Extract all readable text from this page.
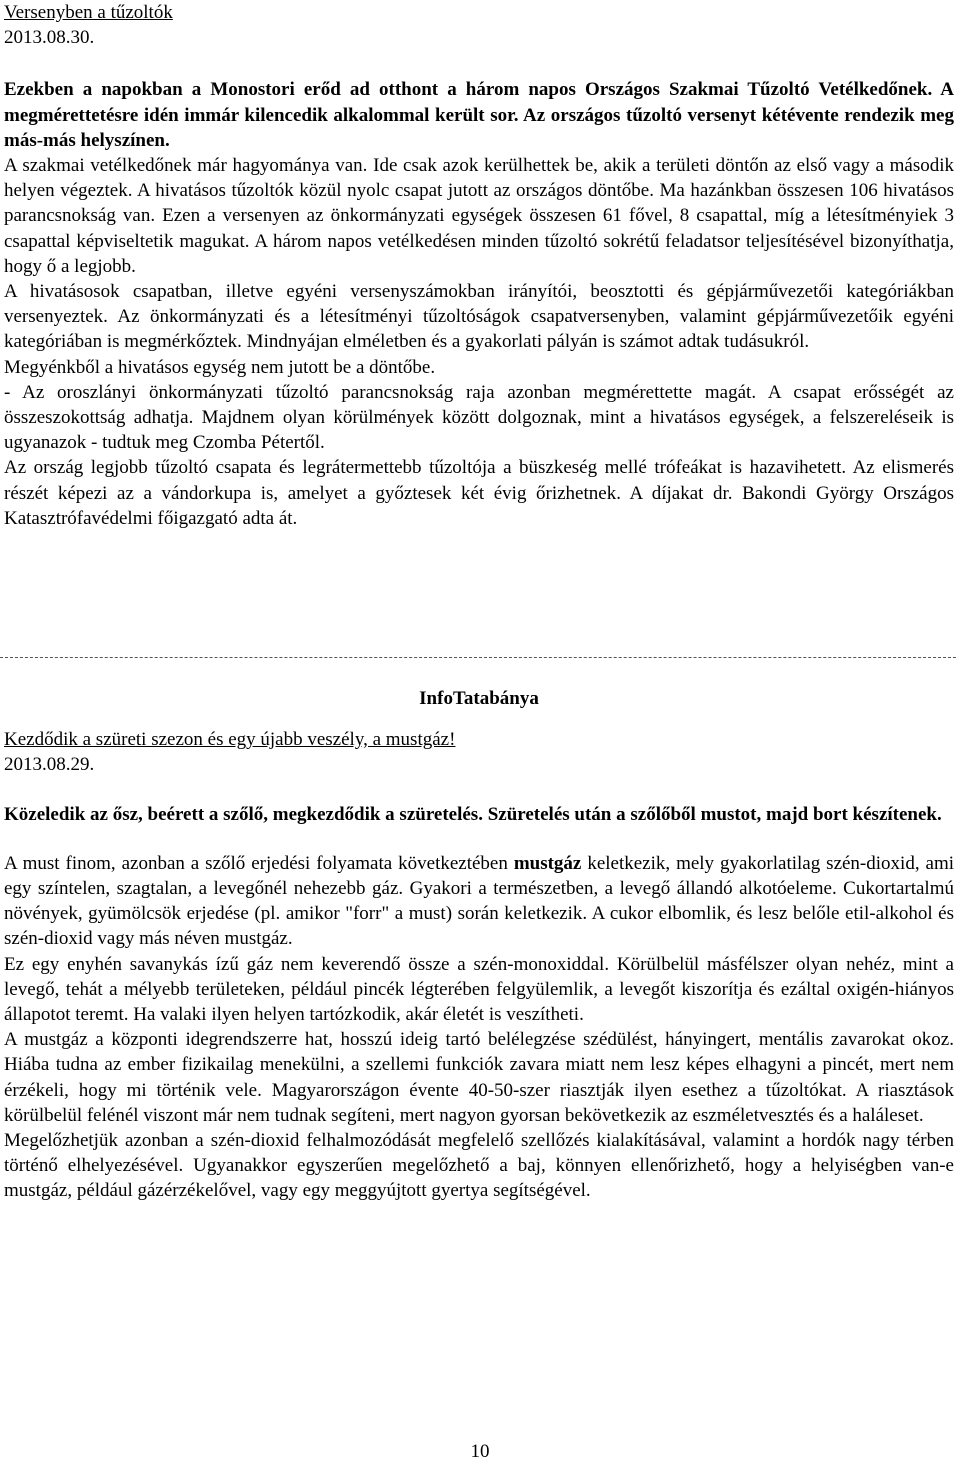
Versenyben a tűzoltók
2013.08.30.

Ezekben a napokban a Monostori erőd ad otthont a három napos Országos Szakmai Tűzoltó Vetélkedőnek. A megmérettetésre idén immár kilencedik alkalommal került sor. Az országos tűzoltó versenyt kétévente rendezik meg más-más helyszínen.

A szakmai vetélkedőnek már hagyománya van. Ide csak azok kerülhettek be, akik a területi döntőn az első vagy a második helyen végeztek. A hivatásos tűzoltók közül nyolc csapat jutott az országos döntőbe. Ma hazánkban összesen 106 hivatásos parancsnokság van. Ezen a versenyen az önkormányzati egységek összesen 61 fővel, 8 csapattal, míg a létesítményiek 3 csapattal képviseltetik magukat. A három napos vetélkedésen minden tűzoltó sokrétű feladatsor teljesítésével bizonyíthatja, hogy ő a legjobb.

A hivatásosok csapatban, illetve egyéni versenyszámokban irányítói, beosztotti és gépjárművezetői kategóriákban versenyeztek. Az önkormányzati és a létesítményi tűzoltóságok csapatversenyben, valamint gépjárművezetőik egyéni kategóriában is megmérkőztek. Mindnyájan elméletben és a gyakorlati pályán is számot adtak tudásukról.

Megyénkből a hivatásos egység nem jutott be a döntőbe.

- Az oroszlányi önkormányzati tűzoltó parancsnokság raja azonban megmérettette magát. A csapat erősségét az összeszokottság adhatja. Majdnem olyan körülmények között dolgoznak, mint a hivatásos egységek, a felszereléseik is ugyanazok - tudtuk meg Czomba Pétertől.

Az ország legjobb tűzoltó csapata és legrátermettebb tűzoltója a büszkeség mellé trófeákat is hazavihetett. Az elismerés részét képezi az a vándorkupa is, amelyet a győztesek két évig őrizhetnek. A díjakat dr. Bakondi György Országos Katasztrófavédelmi főigazgató adta át.

InfoTatabánya
Kezdődik a szüreti szezon és egy újabb veszély, a mustgáz!
2013.08.29.

Közeledik az ősz, beérett a szőlő, megkezdődik a szüretelés. Szüretelés után a szőlőből mustot, majd bort készítenek.

A must finom, azonban a szőlő erjedési folyamata következtében mustgáz keletkezik, mely gyakorlatilag szén-dioxid, ami egy színtelen, szagtalan, a levegőnél nehezebb gáz. Gyakori a természetben, a levegő állandó alkotóeleme. Cukortartalmú növények, gyümölcsök erjedése (pl. amikor "forr" a must) során keletkezik. A cukor elbomlik, és lesz belőle etil-alkohol és szén-dioxid vagy más néven mustgáz.

Ez egy enyhén savanykás ízű gáz nem keverendő össze a szén-monoxiddal. Körülbelül másfélszer olyan nehéz, mint a levegő, tehát a mélyebb területeken, például pincék légterében felgyülemlik, a levegőt kiszorítja és ezáltal oxigén-hiányos állapotot teremt. Ha valaki ilyen helyen tartózkodik, akár életét is veszítheti.

A mustgáz a központi idegrendszerre hat, hosszú ideig tartó belélegzése szédülést, hányingert, mentális zavarokat okoz. Hiába tudna az ember fizikailag menekülni, a szellemi funkciók zavara miatt nem lesz képes elhagyni a pincét, mert nem érzékeli, hogy mi történik vele. Magyarországon évente 40-50-szer riasztják ilyen esethez a tűzoltókat. A riasztások körülbelül felénél viszont már nem tudnak segíteni, mert nagyon gyorsan bekövetkezik az eszméletvesztés és a haláleset.

Megelőzhetjük azonban a szén-dioxid felhalmozódását megfelelő szellőzés kialakításával, valamint a hordók nagy térben történő elhelyezésével. Ugyanakkor egyszerűen megelőzhető a baj, könnyen ellenőrizhető, hogy a helyiségben van-e mustgáz, például gázérzékelővel, vagy egy meggyújtott gyertya segítségével.

10
